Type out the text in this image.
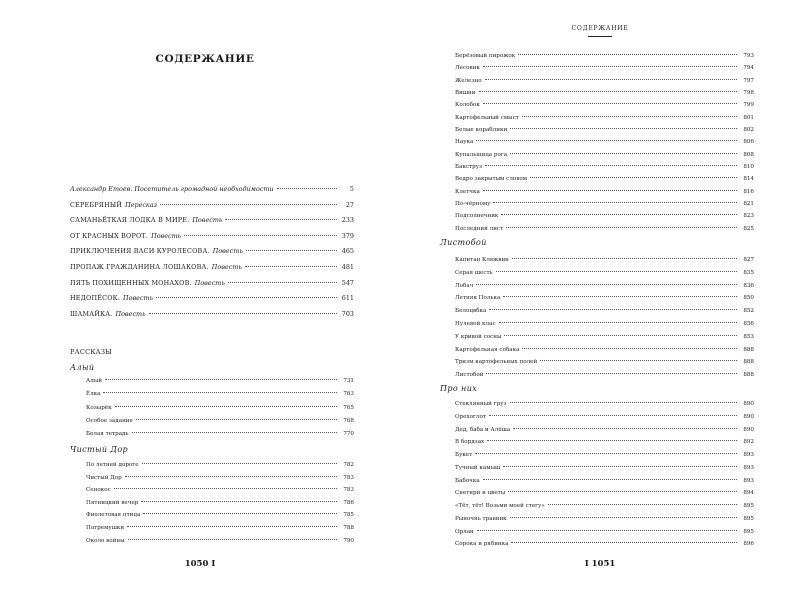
СОДЕРЖАНИЕ
Александр Етоев. Посетитель громадной необходимости	5
СЕРЕБРЯНЫЙ Пересказ	27
САМАНЬЁТКАЯ ЛОДКА В МИРЕ. Повесть	233
ОТ КРАСНЫХ ВОРОТ. Повесть	379
ПРИКЛЮЧЕНИЯ ВАСИ КУРОЛЕСОВА. Повесть	465
ПРОПАЖ ГРАЖДАНИНА ЛОШАКОВА. Повесть	481
ПЯТЬ ПОХИЩЕННЫХ МОНАХОВ. Повесть	547
НЕДОПЁСОК. Повесть	611
ШАМАЙКА. Повесть	703
РАССКАЗЫ
Алый
Алый	731
Ёлка	763
Козырёк	765
Особое задание	768
Белая тетрадь	770
Чистый Дор
По летней дороге	782
Чистый Дор	783
Сенокос	783
Пятницкий вечер	786
Фиолетовая птица	785
Погремушки	788
Около войны	790
1050 I
СОДЕРЖАНИЕ
Берёзовый пирожок	793
Лесовик	794
Железно	797
Вишни	798
Колобок	799
Картофельный смыст	801
Белые кораблики	802
Наука	806
Купальщица рога	808
Бакструз	810
Ведро закрытым словом	814
Клетчка	816
По-чёрному	821
Подсолнечник	823
Последний лист	825
Листобой
Капитан Клюквин	827
Серая шесть	835
Лобач	836
Летняя Полька	850
Белоцвбка	852
Нулевой клас	856
У кривой сосны	853
Картофельная собака	888
Тризм картофельных полей	888
Листобой	888
Про них
Стеклянный груз	890
Орехоглот	890
Дед, баба и Алёша	890
В бордзах	892
Букет	893
Тучный камыш	893
Бабочка	893
Снегири и цветы	894
«Тёт, тёт! Возьми моей стегу»	895
Рыночнь травник	895
Орлан	895
Сорока и рябинка	896
I 1051
